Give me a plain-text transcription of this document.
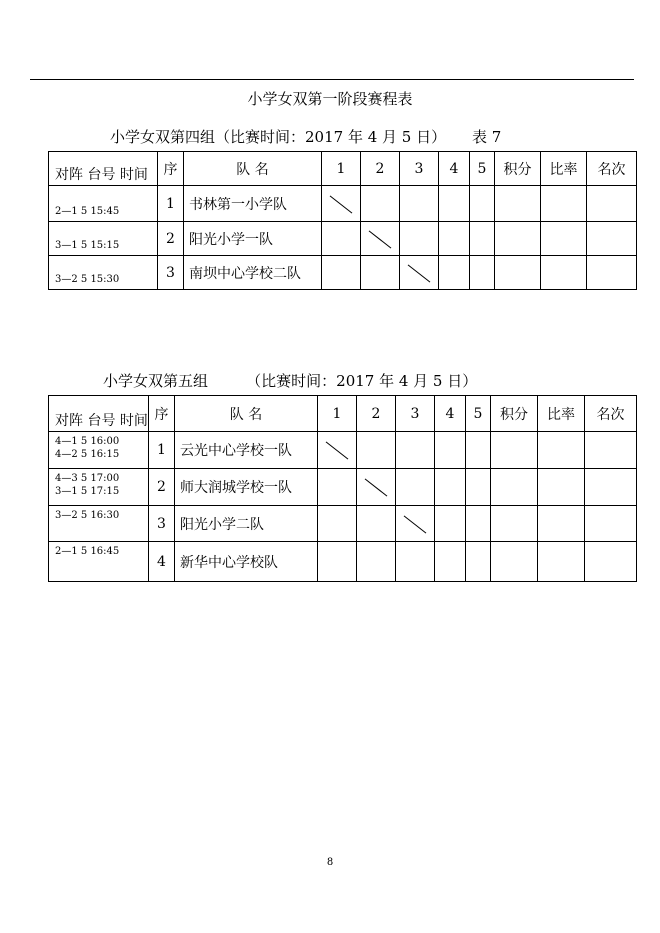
小学女双第一阶段赛程表
小学女双第四组（比赛时间：2017 年 4 月 5 日） 表 7
对阵 台号 时间	序	队 名	1	2	3	4	5	积分	比率	名次
2—1 5 15:45	1	书林第一小学队	

3—1 5 15:15	2	阳光小学一队		

3—2 5 15:30	3	南坝中心学校二队			

小学女双第五组        （比赛时间：2017 年 4 月 5 日）
对阵 台号 时间	序	队 名	1	2	3	4	5	积分	比率	名次

4—1 5 16:00
4—2 5 16:15	1	云光中心学校一队	

4—3 5 17:00
3—1 5 17:15	2	师大润城学校一队		

3—2 5 16:30	3	阳光小学二队			

2—1 5 16:45	4	新华中心学校队								
8
